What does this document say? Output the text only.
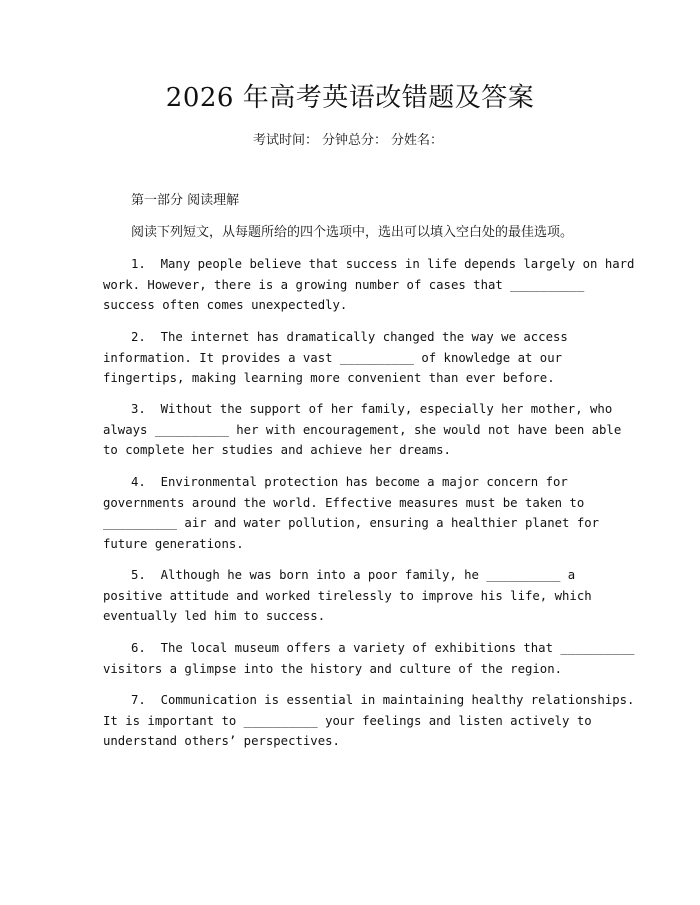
2026 年高考英语改错题及答案
考试时间： 分钟总分： 分姓名：
第一部分 阅读理解
阅读下列短文，从每题所给的四个选项中，选出可以填入空白处的最佳选项。
1.  Many people believe that success in life depends largely on hard
work. However, there is a growing number of cases that __________
success often comes unexpectedly.
2.  The internet has dramatically changed the way we access
information. It provides a vast __________ of knowledge at our
fingertips, making learning more convenient than ever before.
3.  Without the support of her family, especially her mother, who
always __________ her with encouragement, she would not have been able
to complete her studies and achieve her dreams.
4.  Environmental protection has become a major concern for
governments around the world. Effective measures must be taken to
__________ air and water pollution, ensuring a healthier planet for
future generations.
5.  Although he was born into a poor family, he __________ a
positive attitude and worked tirelessly to improve his life, which
eventually led him to success.
6.  The local museum offers a variety of exhibitions that __________
visitors a glimpse into the history and culture of the region.
7.  Communication is essential in maintaining healthy relationships.
It is important to __________ your feelings and listen actively to
understand others’ perspectives.
